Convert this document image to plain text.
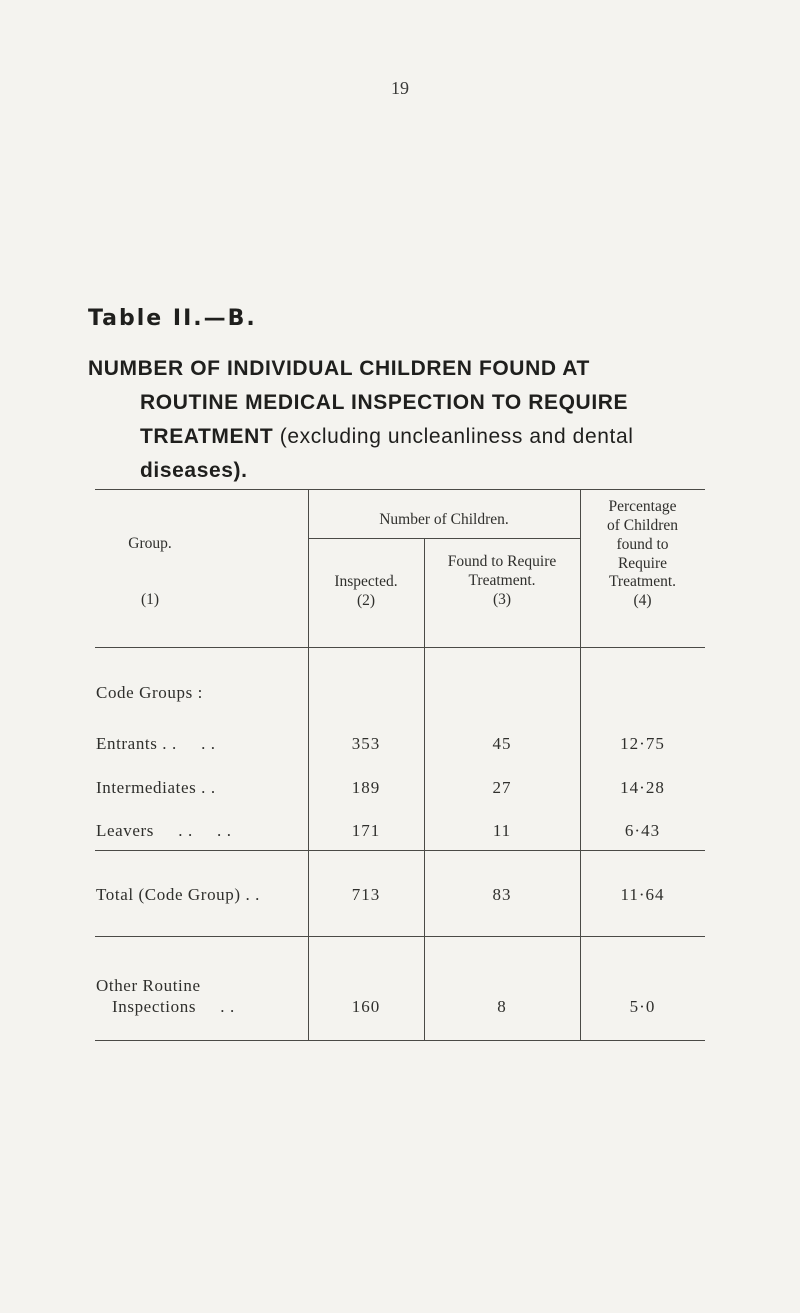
19
Table II.—B.
NUMBER OF INDIVIDUAL CHILDREN FOUND AT
ROUTINE MEDICAL INSPECTION TO REQUIRE
TREATMENT (excluding uncleanliness and dental
diseases).
Group.
(1)
Number of Children.
Inspected.
(2)
Found to Require
Treatment.
(3)
Percentage
of Children
found to
Require
Treatment.
(4)
Code Groups :
Entrants . .     . .	353	45	12·75
Intermediates . .	189	27	14·28
Leavers     . .     . .	171	11	6·43
Total (Code Group) . .	713	83	11·64
Other Routine
Inspections     . .	160	8	5·0
